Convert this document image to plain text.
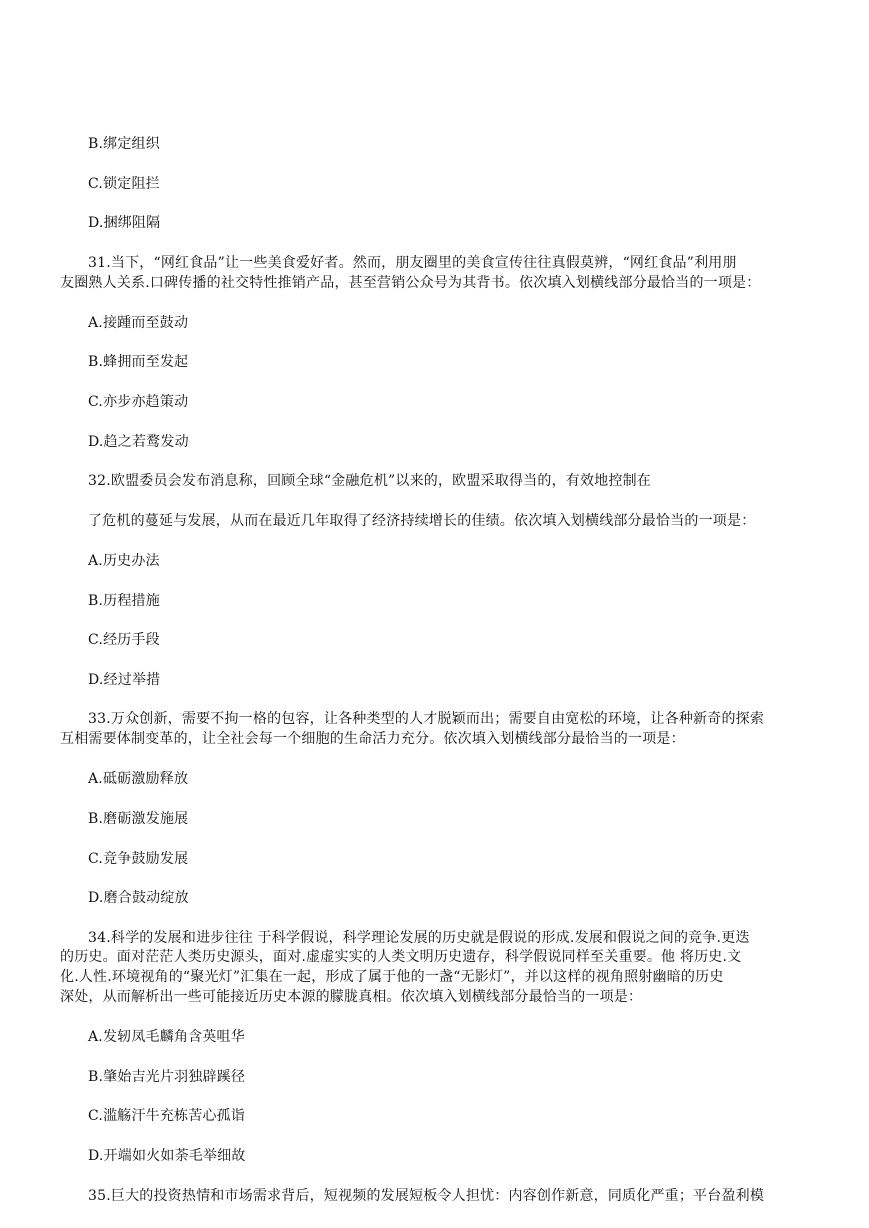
B.绑定组织
C.锁定阻拦
D.捆绑阻隔
31.当下，“网红食品”让一些美食爱好者。然而，朋友圈里的美食宣传往往真假莫辨，“网红食品”利用朋
友圈熟人关系.口碑传播的社交特性推销产品，甚至营销公众号为其背书。依次填入划横线部分最恰当的一项是：
A.接踵而至鼓动
B.蜂拥而至发起
C.亦步亦趋策动
D.趋之若鹜发动
32.欧盟委员会发布消息称，回顾全球“金融危机”以来的，欧盟采取得当的，有效地控制在
了危机的蔓延与发展，从而在最近几年取得了经济持续增长的佳绩。依次填入划横线部分最恰当的一项是：
A.历史办法
B.历程措施
C.经历手段
D.经过举措
33.万众创新，需要不拘一格的包容，让各种类型的人才脱颖而出；需要自由宽松的环境，让各种新奇的探索
互相需要体制变革的，让全社会每一个细胞的生命活力充分。依次填入划横线部分最恰当的一项是：
A.砥砺激励释放
B.磨砺激发施展
C.竞争鼓励发展
D.磨合鼓动绽放
34.科学的发展和进步往往 于科学假说，科学理论发展的历史就是假说的形成.发展和假说之间的竞争.更迭
的历史。面对茫茫人类历史源头，面对.虚虚实实的人类文明历史遗存，科学假说同样至关重要。他 将历史.文
化.人性.环境视角的“聚光灯”汇集在一起，形成了属于他的一盏“无影灯”，并以这样的视角照射幽暗的历史
深处，从而解析出一些可能接近历史本源的朦胧真相。依次填入划横线部分最恰当的一项是：
A.发轫凤毛麟角含英咀华
B.肇始吉光片羽独辟蹊径
C.滥觞汗牛充栋苦心孤诣
D.开端如火如荼毛举细故
35.巨大的投资热情和市场需求背后，短视频的发展短板令人担忧：内容创作新意，同质化严重；平台盈利模
